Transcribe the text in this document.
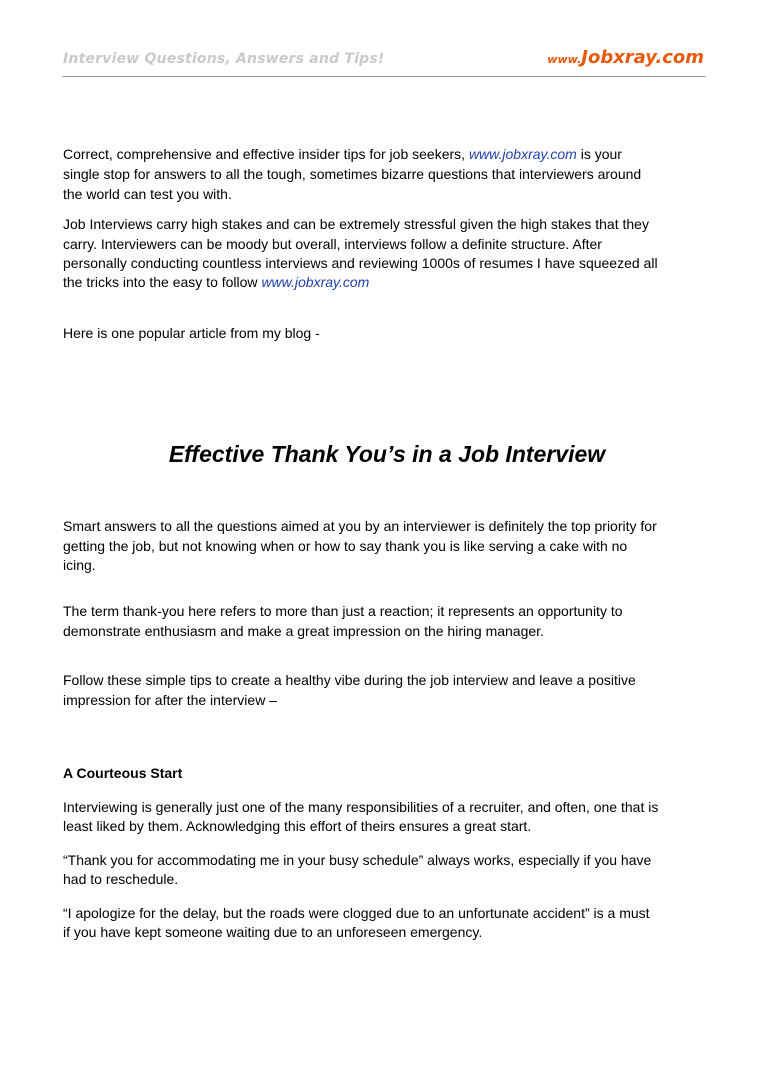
Interview Questions, Answers and Tips!	www.Jobxray.com

Correct, comprehensive and effective insider tips for job seekers, www.jobxray.com is your

single stop for answers to all the tough, sometimes bizarre questions that interviewers around

the world can test you with.

Job Interviews carry high stakes and can be extremely stressful given the high stakes that they

carry. Interviewers can be moody but overall, interviews follow a definite structure. After

personally conducting countless interviews and reviewing 1000s of resumes I have squeezed all

the tricks into the easy to follow www.jobxray.com

Here is one popular article from my blog -

Effective Thank You’s in a Job Interview

Smart answers to all the questions aimed at you by an interviewer is definitely the top priority for

getting the job, but not knowing when or how to say thank you is like serving a cake with no

icing.

The term thank-you here refers to more than just a reaction; it represents an opportunity to

demonstrate enthusiasm and make a great impression on the hiring manager.

Follow these simple tips to create a healthy vibe during the job interview and leave a positive

impression for after the interview –

A Courteous Start

Interviewing is generally just one of the many responsibilities of a recruiter, and often, one that is

least liked by them. Acknowledging this effort of theirs ensures a great start.

“Thank you for accommodating me in your busy schedule” always works, especially if you have

had to reschedule.

“I apologize for the delay, but the roads were clogged due to an unfortunate accident” is a must

if you have kept someone waiting due to an unforeseen emergency.
